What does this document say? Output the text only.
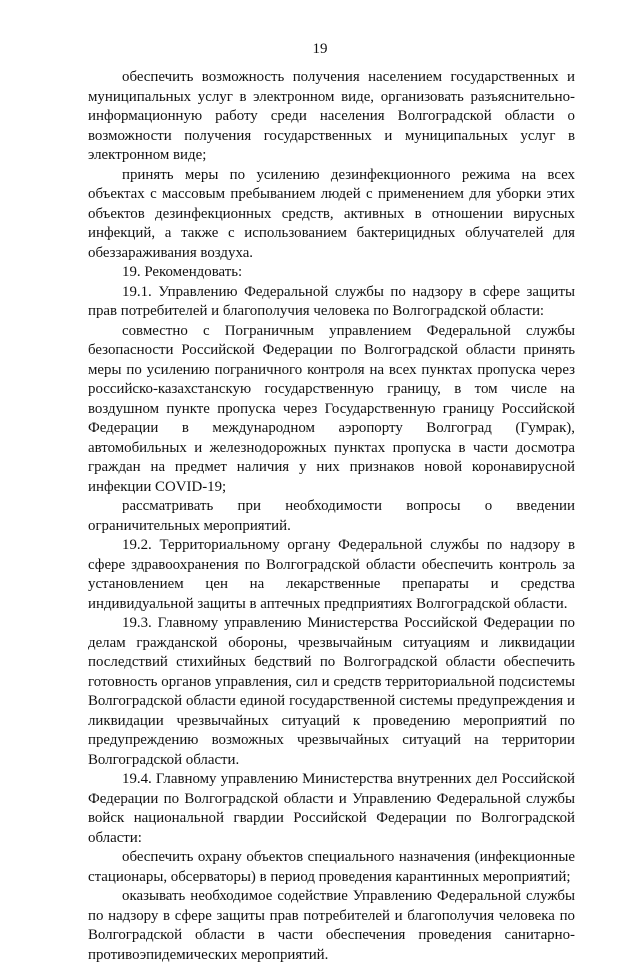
19

обеспечить возможность получения населением государственных и муниципальных услуг в электронном виде, организовать разъяснительно-информационную работу среди населения Волгоградской области о возможности получения государственных и муниципальных услуг в электронном виде;

принять меры по усилению дезинфекционного режима на всех объектах с массовым пребыванием людей с применением для уборки этих объектов дезинфекционных средств, активных в отношении вирусных инфекций, а также с использованием бактерицидных облучателей для обеззараживания воздуха.

19. Рекомендовать:

19.1. Управлению Федеральной службы по надзору в сфере защиты прав потребителей и благополучия человека по Волгоградской области:

совместно с Пограничным управлением Федеральной службы безопасности Российской Федерации по Волгоградской области принять меры по усилению пограничного контроля на всех пунктах пропуска через российско-казахстанскую государственную границу, в том числе на воздушном пункте пропуска через Государственную границу Российской Федерации в международном аэропорту Волгоград (Гумрак), автомобильных и железнодорожных пунктах пропуска в части досмотра граждан на предмет наличия у них признаков новой коронавирусной инфекции COVID-19;

рассматривать при необходимости вопросы о введении ограничительных мероприятий.

19.2. Территориальному органу Федеральной службы по надзору в сфере здравоохранения по Волгоградской области обеспечить контроль за установлением цен на лекарственные препараты и средства индивидуальной защиты в аптечных предприятиях Волгоградской области.

19.3. Главному управлению Министерства Российской Федерации по делам гражданской обороны, чрезвычайным ситуациям и ликвидации последствий стихийных бедствий по Волгоградской области обеспечить готовность органов управления, сил и средств территориальной подсистемы Волгоградской области единой государственной системы предупреждения и ликвидации чрезвычайных ситуаций к проведению мероприятий по предупреждению возможных чрезвычайных ситуаций на территории Волгоградской области.

19.4. Главному управлению Министерства внутренних дел Российской Федерации по Волгоградской области и Управлению Федеральной службы войск национальной гвардии Российской Федерации по Волгоградской области:

обеспечить охрану объектов специального назначения (инфекционные стационары, обсерваторы) в период проведения карантинных мероприятий;

оказывать необходимое содействие Управлению Федеральной службы по надзору в сфере защиты прав потребителей и благополучия человека по Волгоградской области в части обеспечения проведения санитарно-противоэпидемических мероприятий.
